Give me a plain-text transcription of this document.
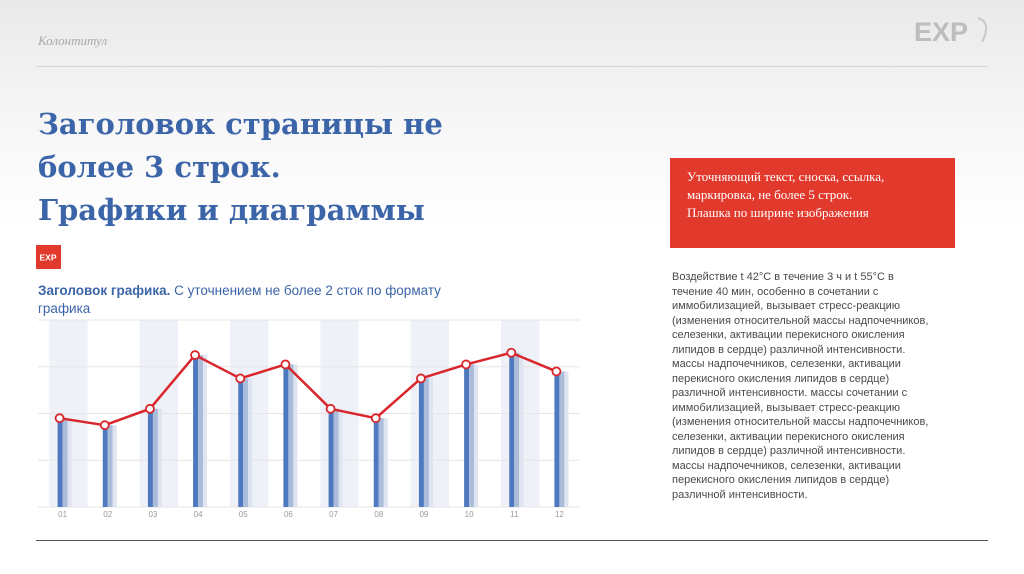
Колонтитул	EXP
Заголовок страницы не
более 3 строк.
Графики и диаграммы
Уточняющий текст, сноска, ссылка,
маркировка, не более 5 строк.
Плашка по ширине изображения
Воздействие t 42°C в течение 3 ч и t 55°C в
течение 40 мин, особенно в сочетании с
иммобилизацией, вызывает стресс-реакцию
(изменения относительной массы надпочечников,
селезенки, активации перекисного окисления
липидов в сердце) различной интенсивности.
массы надпочечников, селезенки, активации
перекисного окисления липидов в сердце)
различной интенсивности. массы сочетании с
иммобилизацией, вызывает стресс-реакцию
(изменения относительной массы надпочечников,
селезенки, активации перекисного окисления
липидов в сердце) различной интенсивности.
массы надпочечников, селезенки, активации
перекисного окисления липидов в сердце)
различной интенсивности.
EXP
Заголовок графика. С уточнением не более 2 сток по формату
графика
01	02	03	04	05	06	07	08	09	10	11	12
